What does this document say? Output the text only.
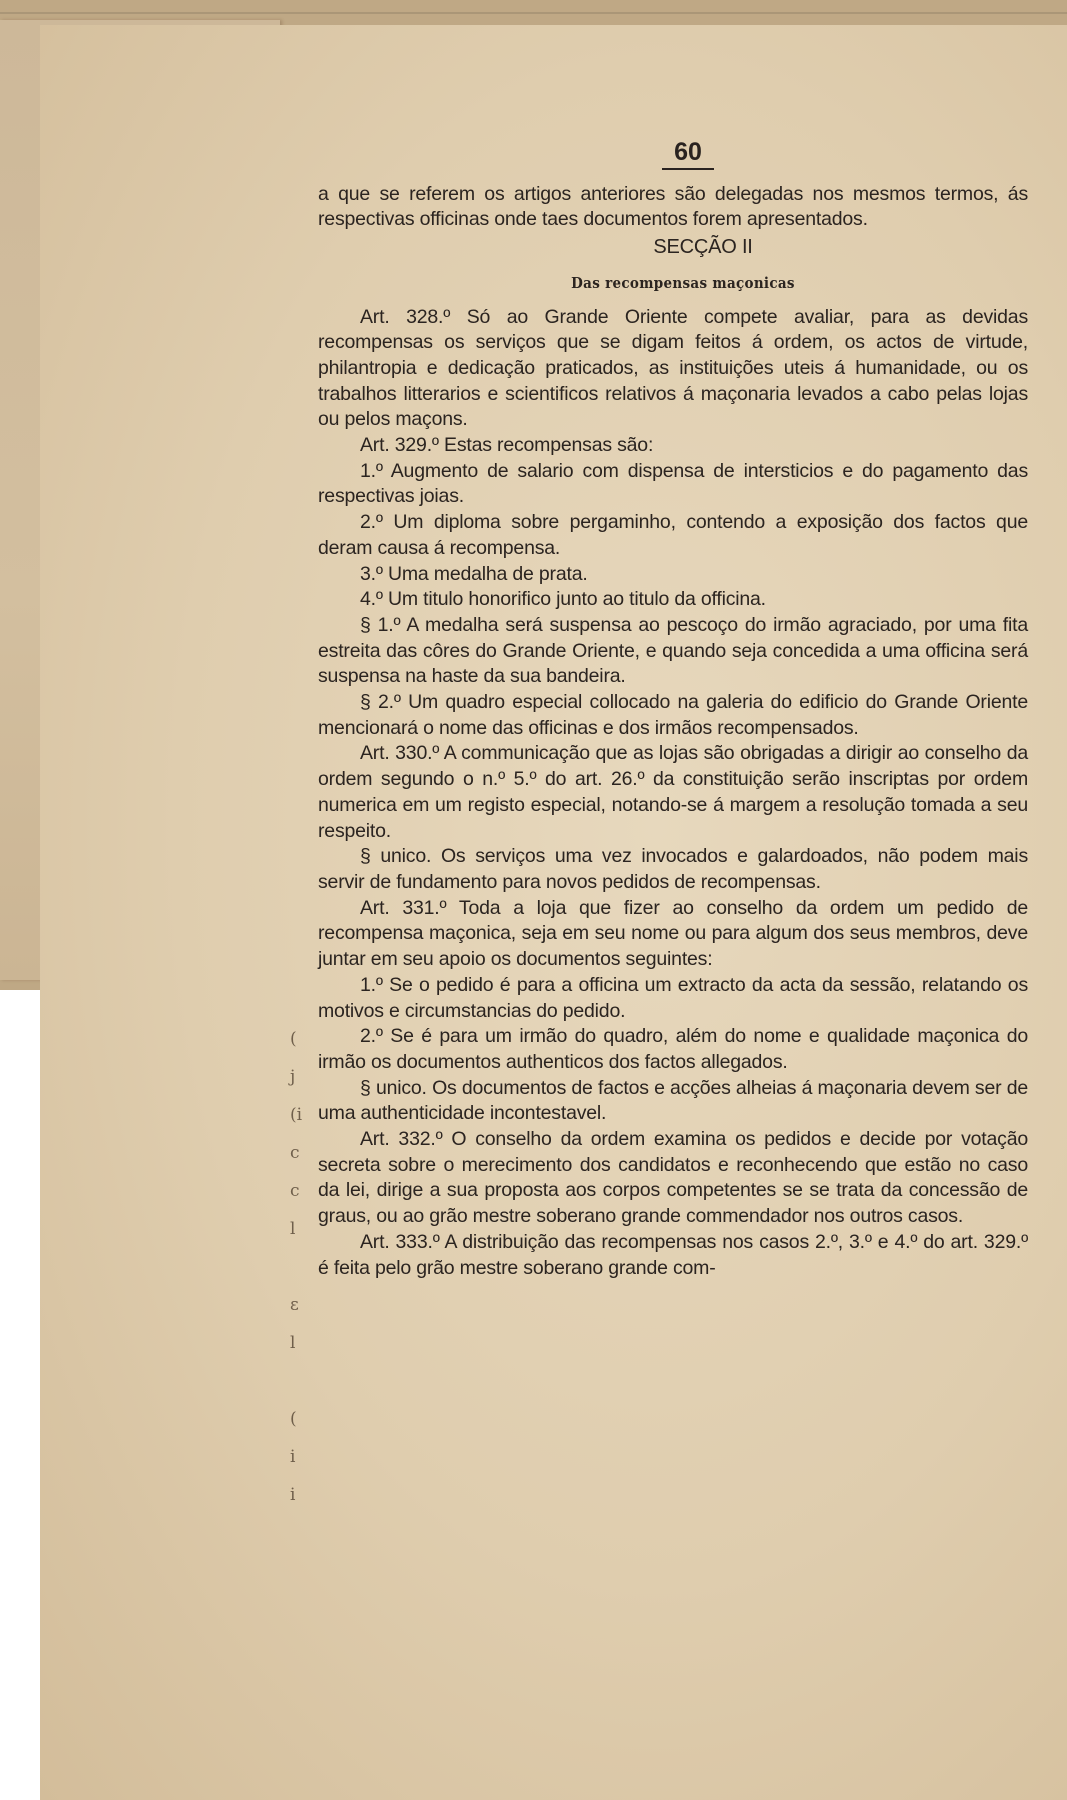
(
j
(i
c
c
l

ɛ
l

(
i
i
60

a que se referem os artigos anteriores são delegadas nos mesmos termos, ás respectivas officinas onde taes documentos forem apresentados.

SECÇÃO II

Das recompensas maçonicas

Art. 328.º Só ao Grande Oriente compete avaliar, para as devidas recompensas os serviços que se digam feitos á ordem, os actos de virtude, philantropia e dedicação praticados, as instituições uteis á humanidade, ou os trabalhos litterarios e scientificos relativos á maçonaria levados a cabo pelas lojas ou pelos maçons.

Art. 329.º Estas recompensas são:

1.º Augmento de salario com dispensa de intersticios e do pagamento das respectivas joias.

2.º Um diploma sobre pergaminho, contendo a exposição dos factos que deram causa á recompensa.

3.º Uma medalha de prata.

4.º Um titulo honorifico junto ao titulo da officina.

§ 1.º A medalha será suspensa ao pescoço do irmão agraciado, por uma fita estreita das côres do Grande Oriente, e quando seja concedida a uma officina será suspensa na haste da sua bandeira.

§ 2.º Um quadro especial collocado na galeria do edificio do Grande Oriente mencionará o nome das officinas e dos irmãos recompensados.

Art. 330.º A communicação que as lojas são obrigadas a dirigir ao conselho da ordem segundo o n.º 5.º do art. 26.º da constituição serão inscriptas por ordem numerica em um registo especial, notando-se á margem a resolução tomada a seu respeito.

§ unico. Os serviços uma vez invocados e galardoados, não podem mais servir de fundamento para novos pedidos de recompensas.

Art. 331.º Toda a loja que fizer ao conselho da ordem um pedido de recompensa maçonica, seja em seu nome ou para algum dos seus membros, deve juntar em seu apoio os documentos seguintes:

1.º Se o pedido é para a officina um extracto da acta da sessão, relatando os motivos e circumstancias do pedido.

2.º Se é para um irmão do quadro, além do nome e qualidade maçonica do irmão os documentos authenticos dos factos allegados.

§ unico. Os documentos de factos e acções alheias á maçonaria devem ser de uma authenticidade incontestavel.

Art. 332.º O conselho da ordem examina os pedidos e decide por votação secreta sobre o merecimento dos candidatos e reconhecendo que estão no caso da lei, dirige a sua proposta aos corpos competentes se se trata da concessão de graus, ou ao grão mestre soberano grande commendador nos outros casos.

Art. 333.º A distribuição das recompensas nos casos 2.º, 3.º e 4.º do art. 329.º é feita pelo grão mestre soberano grande com-
